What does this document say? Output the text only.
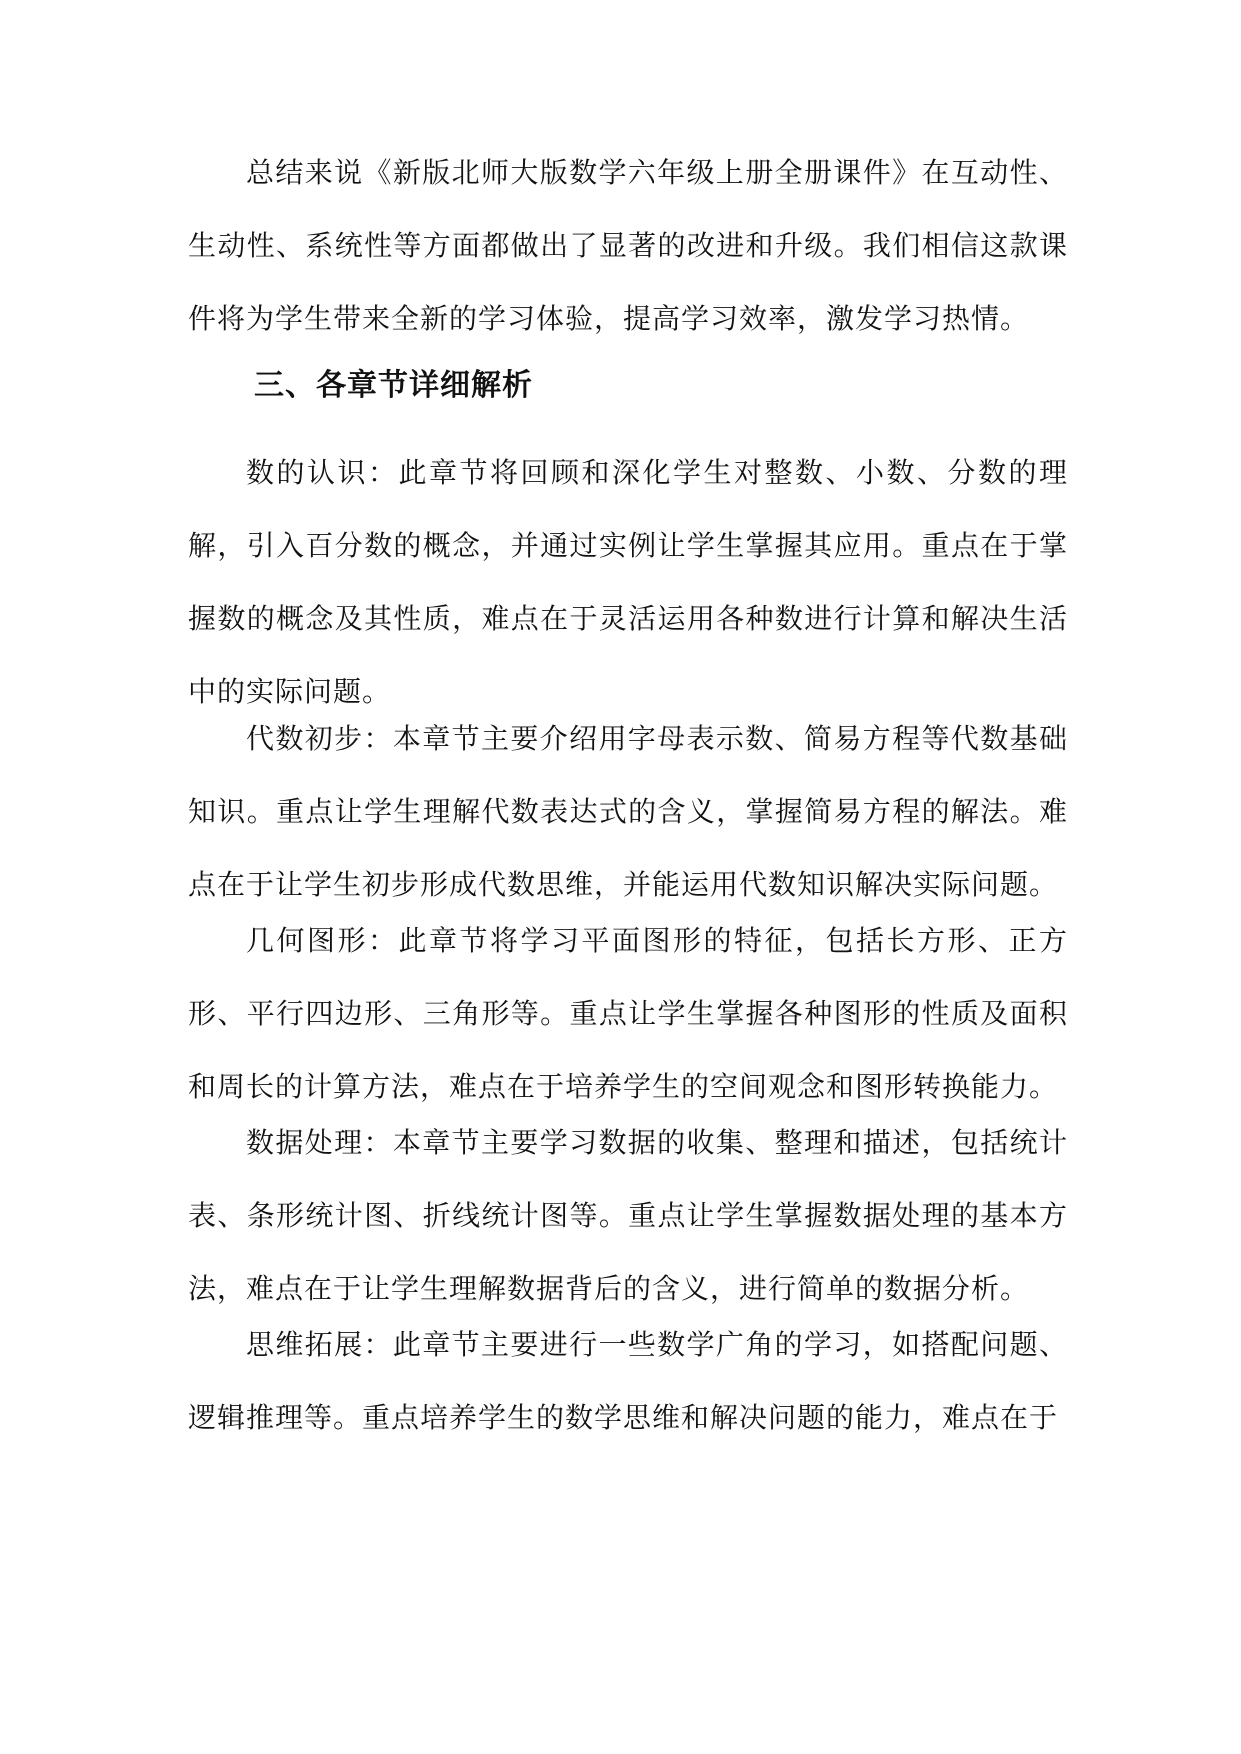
总结来说《新版北师大版数学六年级上册全册课件》在互动性、生动性、系统性等方面都做出了显著的改进和升级。我们相信这款课件将为学生带来全新的学习体验，提高学习效率，激发学习热情。

三、各章节详细解析

数的认识：此章节将回顾和深化学生对整数、小数、分数的理解，引入百分数的概念，并通过实例让学生掌握其应用。重点在于掌握数的概念及其性质，难点在于灵活运用各种数进行计算和解决生活中的实际问题。

代数初步：本章节主要介绍用字母表示数、简易方程等代数基础知识。重点让学生理解代数表达式的含义，掌握简易方程的解法。难点在于让学生初步形成代数思维，并能运用代数知识解决实际问题。

几何图形：此章节将学习平面图形的特征，包括长方形、正方形、平行四边形、三角形等。重点让学生掌握各种图形的性质及面积和周长的计算方法，难点在于培养学生的空间观念和图形转换能力。

数据处理：本章节主要学习数据的收集、整理和描述，包括统计表、条形统计图、折线统计图等。重点让学生掌握数据处理的基本方法，难点在于让学生理解数据背后的含义，进行简单的数据分析。

思维拓展：此章节主要进行一些数学广角的学习，如搭配问题、逻辑推理等。重点培养学生的数学思维和解决问题的能力，难点在于
